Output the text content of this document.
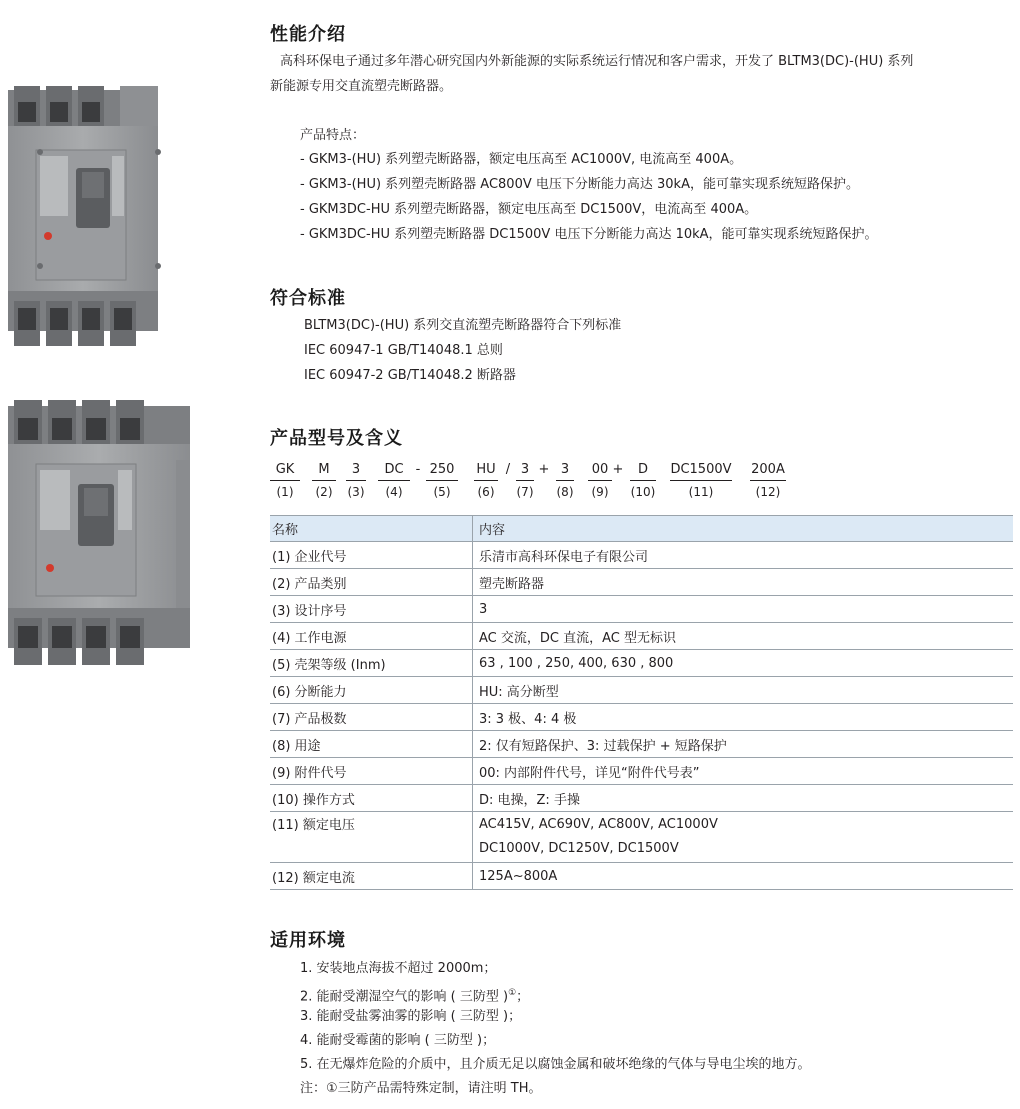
性能介绍
高科环保电子通过多年潜心研究国内外新能源的实际系统运行情况和客户需求，开发了 BLTM3(DC)-(HU) 系列
新能源专用交直流塑壳断路器。
产品特点：
- GKM3-(HU) 系列塑壳断路器，额定电压高至 AC1000V, 电流高至 400A。
- GKM3-(HU) 系列塑壳断路器 AC800V 电压下分断能力高达 30kA，能可靠实现系统短路保护。
- GKM3DC-HU 系列塑壳断路器，额定电压高至 DC1500V，电流高至 400A。
- GKM3DC-HU 系列塑壳断路器 DC1500V 电压下分断能力高达 10kA，能可靠实现系统短路保护。
符合标准
BLTM3(DC)-(HU) 系列交直流塑壳断路器符合下列标准
IEC 60947-1 GB/T14048.1 总则
IEC 60947-2 GB/T14048.2 断路器
产品型号及含义
GK
(1)
M
(2)
3
(3)
DC
(4)
- 250
(5)
HU
(6)
/ 3
(7)
+ 3
(8)
00
(9)
+	D
(10)
DC1500V
(11)
200A
(12)
名称	内容
(1) 企业代号	乐清市高科环保电子有限公司
(2) 产品类别	塑壳断路器
(3) 设计序号	3
(4) 工作电源	AC 交流，DC 直流，AC 型无标识
(5) 壳架等级 (Inm)	63 , 100 , 250, 400, 630 , 800
(6) 分断能力	HU: 高分断型
(7) 产品极数	3: 3 极、4: 4 极
(8) 用途	2: 仅有短路保护、3: 过载保护 + 短路保护
(9) 附件代号	00: 内部附件代号，详见“附件代号表”
(10) 操作方式	D: 电操，Z: 手操
(11) 额定电压	AC415V, AC690V, AC800V, AC1000V
DC1000V, DC1250V, DC1500V

(12) 额定电流	125A~800A
适用环境
1. 安装地点海拔不超过 2000m；
2. 能耐受潮湿空气的影响 ( 三防型 )①；
3. 能耐受盐雾油雾的影响 ( 三防型 )；
4. 能耐受霉菌的影响 ( 三防型 )；
5. 在无爆炸危险的介质中，且介质无足以腐蚀金属和破坏绝缘的气体与导电尘埃的地方。
注：①三防产品需特殊定制，请注明 TH。
